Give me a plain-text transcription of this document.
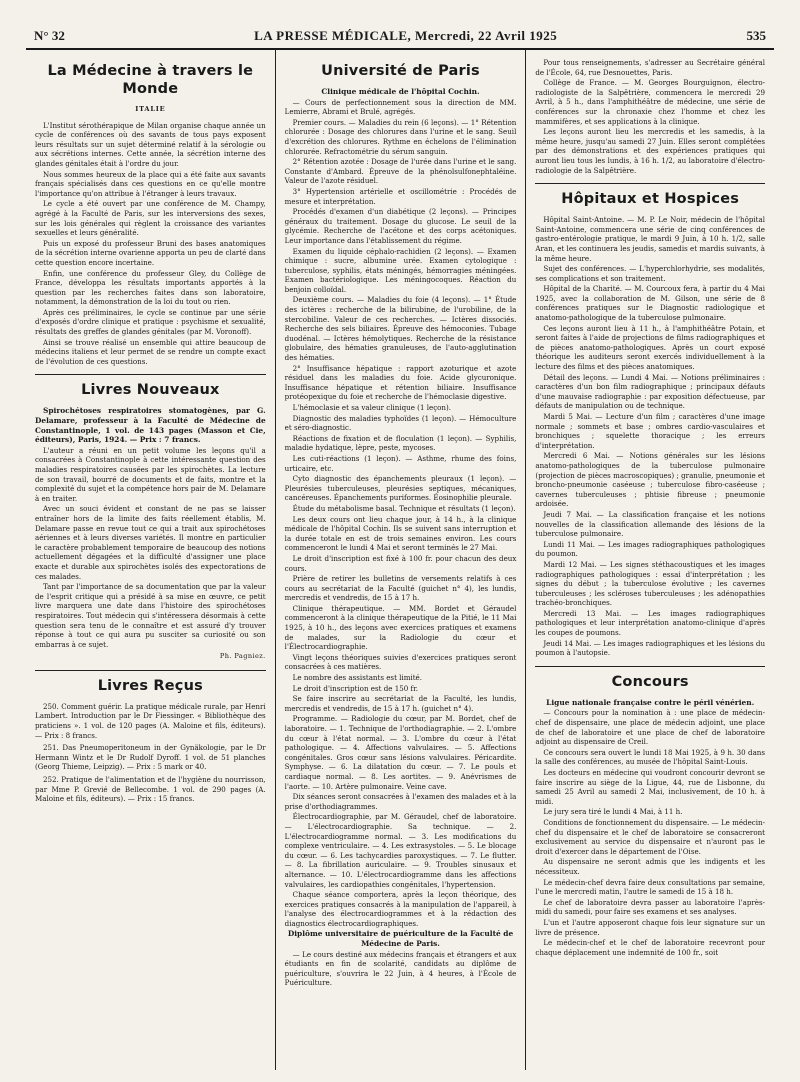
N° 32	LA PRESSE MÉDICALE, Mercredi, 22 Avril 1925	535
La Médecine à travers le Monde
ITALIE

L'Institut sérothérapique de Milan organise chaque année un cycle de conférences où des savants de tous pays exposent leurs résultats sur un sujet déterminé relatif à la sérologie ou aux sécrétions internes. Cette année, la sécrétion interne des glandes génitales était à l'ordre du jour.

Nous sommes heureux de la place qui a été faite aux savants français spécialisés dans ces questions en ce qu'elle montre l'importance qu'on attribue à l'étranger à leurs travaux.

Le cycle a été ouvert par une conférence de M. Champy, agrégé à la Faculté de Paris, sur les interversions des sexes, sur les lois générales qui règlent la croissance des variantes sexuelles et leurs généralité.

Puis un exposé du professeur Bruni des bases anatomiques de la sécrétion interne ovarienne apporta un peu de clarté dans cette question encore incertaine.

Enfin, une conférence du professeur Gley, du Collège de France, développa les résultats importants apportés à la question par les recherches faites dans son laboratoire, notamment, la démonstration de la loi du tout ou rien.

Après ces préliminaires, le cycle se continue par une série d'exposés d'ordre clinique et pratique : psychisme et sexualité, résultats des greffes de glandes génitales (par M. Voronoff).

Ainsi se trouve réalisé un ensemble qui attire beaucoup de médecins italiens et leur permet de se rendre un compte exact de l'évolution de ces questions.

Livres Nouveaux

Spirochétoses respiratoires stomatogènes, par G. Delamare, professeur à la Faculté de Médecine de Constantinople, 1 vol. de 143 pages (Masson et Cie, éditeurs), Paris, 1924. — Prix : 7 francs.

L'auteur a réuni en un petit volume les leçons qu'il a consacrées à Constantinople à cette intéressante question des maladies respiratoires causées par les spirochètes. La lecture de son travail, bourré de documents et de faits, montre et la complexité du sujet et la compétence hors pair de M. Delamare à en traiter.

Avec un souci évident et constant de ne pas se laisser entraîner hors de la limite des faits réellement établis, M. Delamare passe en revue tout ce qui a trait aux spirochétoses aériennes et à leurs diverses variétés. Il montre en particulier le caractère probablement temporaire de beaucoup des notions actuellement dégagées et la difficulté d'assigner une place exacte et durable aux spirochètes isolés des expectorations de ces malades.

Tant par l'importance de sa documentation que par la valeur de l'esprit critique qui a présidé à sa mise en œuvre, ce petit livre marquera une date dans l'histoire des spirochétoses respiratoires. Tout médecin qui s'intéressera désormais à cette question sera tenu de le connaître et est assuré d'y trouver réponse à tout ce qui aura pu susciter sa curiosité ou son embarras à ce sujet.

Ph. Pagniez.
Livres Reçus

250. Comment guérir. La pratique médicale rurale, par Henri Lambert. Introduction par le Dr Fiessinger. « Bibliothèque des praticiens ». 1 vol. de 120 pages (A. Maloine et fils, éditeurs). — Prix : 8 francs.

251. Das Pneumoperitoneum in der Gynäkologie, par le Dr Hermann Wintz et le Dr Rudolf Dyroff. 1 vol. de 51 planches (Georg Thieme, Leipzig). — Prix : 5 mark or 40.

252. Pratique de l'alimentation et de l'hygiène du nourrisson, par Mme P. Grevié de Bellecombe. 1 vol. de 290 pages (A. Maloine et fils, éditeurs). — Prix : 15 francs.

Université de Paris

Clinique médicale de l'hôpital Cochin.

— Cours de perfectionnement sous la direction de MM. Lemierre, Abrami et Brulé, agrégés.

Premier cours. — Maladies du rein (6 leçons). — 1° Rétention chlorurée : Dosage des chlorures dans l'urine et le sang. Seuil d'excrétion des chlorures. Rythme en échelons de l'élimination chlorurée. Refractométrie du sérum sanguin.

2° Rétention azotée : Dosage de l'urée dans l'urine et le sang. Constante d'Ambard. Épreuve de la phénolsulfonephtaléine. Valeur de l'azote résiduel.

3° Hypertension artérielle et oscillométrie : Procédés de mesure et interprétation.

Procédés d'examen d'un diabétique (2 leçons). — Principes généraux du traitement. Dosage du glucose. Le seuil de la glycémie. Recherche de l'acétone et des corps acétoniques. Leur importance dans l'établissement du régime.

Examen du liquide céphalo-rachidien (2 leçons). — Examen chimique : sucre, albumine urée. Examen cytologique : tuberculose, syphilis, états méningés, hémorragies méningées. Examen bactériologique. Les méningocoques. Réaction du benjoin colloïdal.

Deuxième cours. — Maladies du foie (4 leçons). — 1° Étude des ictères : recherche de la bilirubine, de l'urobiline, de la stercobiline. Valeur de ces recherches. — Ictères dissociés. Recherche des sels biliaires. Épreuve des hémoconies. Tubage duodénal. — Ictères hémolytiques. Recherche de la résistance globulaire, des hématies granuleuses, de l'auto-agglutination des hématies.

2° Insuffisance hépatique : rapport azoturique et azote résiduel dans les maladies du foie. Acide glycuronique. Insuffisance hépatique et rétention biliaire. Insuffisance protéopexique du foie et recherche de l'hémoclasie digestive.

L'hémoclasie et sa valeur clinique (1 leçon).

Diagnostic des maladies typhoïdes (1 leçon). — Hémoculture et séro-diagnostic.

Réactions de fixation et de floculation (1 leçon). — Syphilis, maladie hydatique, lèpre, peste, mycoses.

Les cuti-réactions (1 leçon). — Asthme, rhume des foins, urticaire, etc.

Cyto diagnostic des épanchements pleuraux (1 leçon). — Pleurésies tuberculeuses, pleurésies septiques, mécaniques, cancéreuses. Épanchements puriformes. Éosinophilie pleurale.

Étude du métabolisme basal. Technique et résultats (1 leçon).

Les deux cours ont lieu chaque jour, à 14 h., à la clinique médicale de l'hôpital Cochin. Ils se suivent sans interruption et la durée totale en est de trois semaines environ. Les cours commenceront le lundi 4 Mai et seront terminés le 27 Mai.

Le droit d'inscription est fixé à 100 fr. pour chacun des deux cours.

Prière de retirer les bulletins de versements relatifs à ces cours au secrétariat de la Faculté (guichet n° 4), les lundis, mercredis et vendredis, de 15 à 17 h.

Clinique thérapeutique. — MM. Bordet et Géraudel commenceront à la clinique thérapeutique de la Pitié, le 11 Mai 1925, à 10 h., des leçons avec exercices pratiques et examens de malades, sur la Radiologie du cœur et l'Électrocardiographie.

Vingt leçons théoriques suivies d'exercices pratiques seront consacrées à ces matières.

Le nombre des assistants est limité.

Le droit d'inscription est de 150 fr.

Se faire inscrire au secrétariat de la Faculté, les lundis, mercredis et vendredis, de 15 à 17 h. (guichet n° 4).

Programme. — Radiologie du cœur, par M. Bordet, chef de laboratoire. — 1. Technique de l'orthodiagraphie. — 2. L'ombre du cœur à l'état normal. — 3. L'ombre du cœur à l'état pathologique. — 4. Affections valvulaires. — 5. Affections congénitales. Gros cœur sans lésions valvulaires. Péricardite. Symphyse. — 6. La dilatation du cœur. — 7. Le pouls et cardiaque normal. — 8. Les aortites. — 9. Anévrismes de l'aorte. — 10. Artère pulmonaire. Veine cave.

Dix séances seront consacrées à l'examen des malades et à la prise d'orthodiagrammes.

Électrocardiographie, par M. Géraudel, chef de laboratoire. — L'électrocardiographie. Sa technique. — 2. L'électrocardiogramme normal. — 3. Les modifications du complexe ventriculaire. — 4. Les extrasystoles. — 5. Le blocage du cœur. — 6. Les tachycardies paroxystiques. — 7. Le flutter. — 8. La fibrillation auriculaire. — 9. Troubles sinusaux et alternance. — 10. L'électrocardiogramme dans les affections valvulaires, les cardiopathies congénitales, l'hypertension.

Chaque séance comportera, après la leçon théorique, des exercices pratiques consacrés à la manipulation de l'appareil, à l'analyse des électrocardiogrammes et à la rédaction des diagnostics électrocardiographiques.

Diplôme universitaire de puériculture de la Faculté de Médecine de Paris.

— Le cours destiné aux médecins français et étrangers et aux étudiants en fin de scolarité, candidats au diplôme de puériculture, s'ouvrira le 22 Juin, à 4 heures, à l'École de Puériculture.

Pour tous renseignements, s'adresser au Secrétaire général de l'École, 64, rue Desnouettes, Paris.

Collège de France. — M. Georges Bourguignon, électro-radiologiste de la Salpêtrière, commencera le mercredi 29 Avril, à 5 h., dans l'amphithéâtre de médecine, une série de conférences sur la chronaxie chez l'homme et chez les mammifères, et ses applications à la clinique.

Les leçons auront lieu les mercredis et les samedis, à la même heure, jusqu'au samedi 27 Juin. Elles seront complétées par des démonstrations et des expériences pratiques qui auront lieu tous les lundis, à 16 h. 1/2, au laboratoire d'électro-radiologie de la Salpêtrière.

Hôpitaux et Hospices

Hôpital Saint-Antoine. — M. P. Le Noir, médecin de l'hôpital Saint-Antoine, commencera une série de cinq conférences de gastro-entérologie pratique, le mardi 9 Juin, à 10 h. 1/2, salle Aran, et les continuera les jeudis, samedis et mardis suivants, à la même heure.

Sujet des conférences. — L'hyperchlorhydrie, ses modalités, ses complications et son traitement.

Hôpital de la Charité. — M. Courcoux fera, à partir du 4 Mai 1925, avec la collaboration de M. Gilson, une série de 8 conférences pratiques sur le Diagnostic radiologique et anatomo-pathologique de la tuberculose pulmonaire.

Ces leçons auront lieu à 11 h., à l'amphithéâtre Potain, et seront faites à l'aide de projections de films radiographiques et de pièces anatomo-pathologiques. Après un court exposé théorique les auditeurs seront exercés individuellement à la lecture des films et des pièces anatomiques.

Détail des leçons. — Lundi 4 Mai. — Notions préliminaires : caractères d'un bon film radiographique ; principaux défauts d'une mauvaise radiographie : par exposition défectueuse, par défauts de manipulation ou de technique.

Mardi 5 Mai. — Lecture d'un film ; caractères d'une image normale ; sommets et base ; ombres cardio-vasculaires et bronchiques ; squelette thoracique ; les erreurs d'interprétation.

Mercredi 6 Mai. — Notions générales sur les lésions anatomo-pathologiques de la tuberculose pulmonaire (projection de pièces macroscopiques) ; granulie, pneumonie et broncho-pneumonie caséeuse ; tuberculose fibro-caséeuse ; cavernes tuberculeuses ; phtisie fibreuse ; pneumonie ardoisée.

Jeudi 7 Mai. — La classification française et les notions nouvelles de la classification allemande des lésions de la tuberculose pulmonaire.

Lundi 11 Mai. — Les images radiographiques pathologiques du poumon.

Mardi 12 Mai. — Les signes stéthacoustiques et les images radiographiques pathologiques : essai d'interprétation ; les signes du début ; la tuberculose évolutive ; les cavernes tuberculeuses ; les scléroses tuberculeuses ; les adénopathies trachéo-bronchiques.

Mercredi 13 Mai. — Les images radiographiques pathologiques et leur interprétation anatomo-clinique d'après les coupes de poumons.

Jeudi 14 Mai. — Les images radiographiques et les lésions du poumon à l'autopsie.

Concours

Ligue nationale française contre le péril vénérien.

— Concours pour la nomination à : une place de médecin-chef de dispensaire, une place de médecin adjoint, une place de chef de laboratoire et une place de chef de laboratoire adjoint au dispensaire de Creil.

Ce concours sera ouvert le lundi 18 Mai 1925, à 9 h. 30 dans la salle des conférences, au musée de l'hôpital Saint-Louis.

Les docteurs en médecine qui voudront concourir devront se faire inscrire au siège de la Ligue, 44, rue de Lisbonne, du samedi 25 Avril au samedi 2 Mai, inclusivement, de 10 h. à midi.

Le jury sera tiré le lundi 4 Mai, à 11 h.

Conditions de fonctionnement du dispensaire. — Le médecin-chef du dispensaire et le chef de laboratoire se consacreront exclusivement au service du dispensaire et n'auront pas le droit d'exercer dans le département de l'Oise.

Au dispensaire ne seront admis que les indigents et les nécessiteux.

Le médecin-chef devra faire deux consultations par semaine, l'une le mercredi matin, l'autre le samedi de 15 à 18 h.

Le chef de laboratoire devra passer au laboratoire l'après-midi du samedi, pour faire ses examens et ses analyses.

L'un et l'autre apposeront chaque fois leur signature sur un livre de présence.

Le médecin-chef et le chef de laboratoire recevront pour chaque déplacement une indemnité de 100 fr., soit
